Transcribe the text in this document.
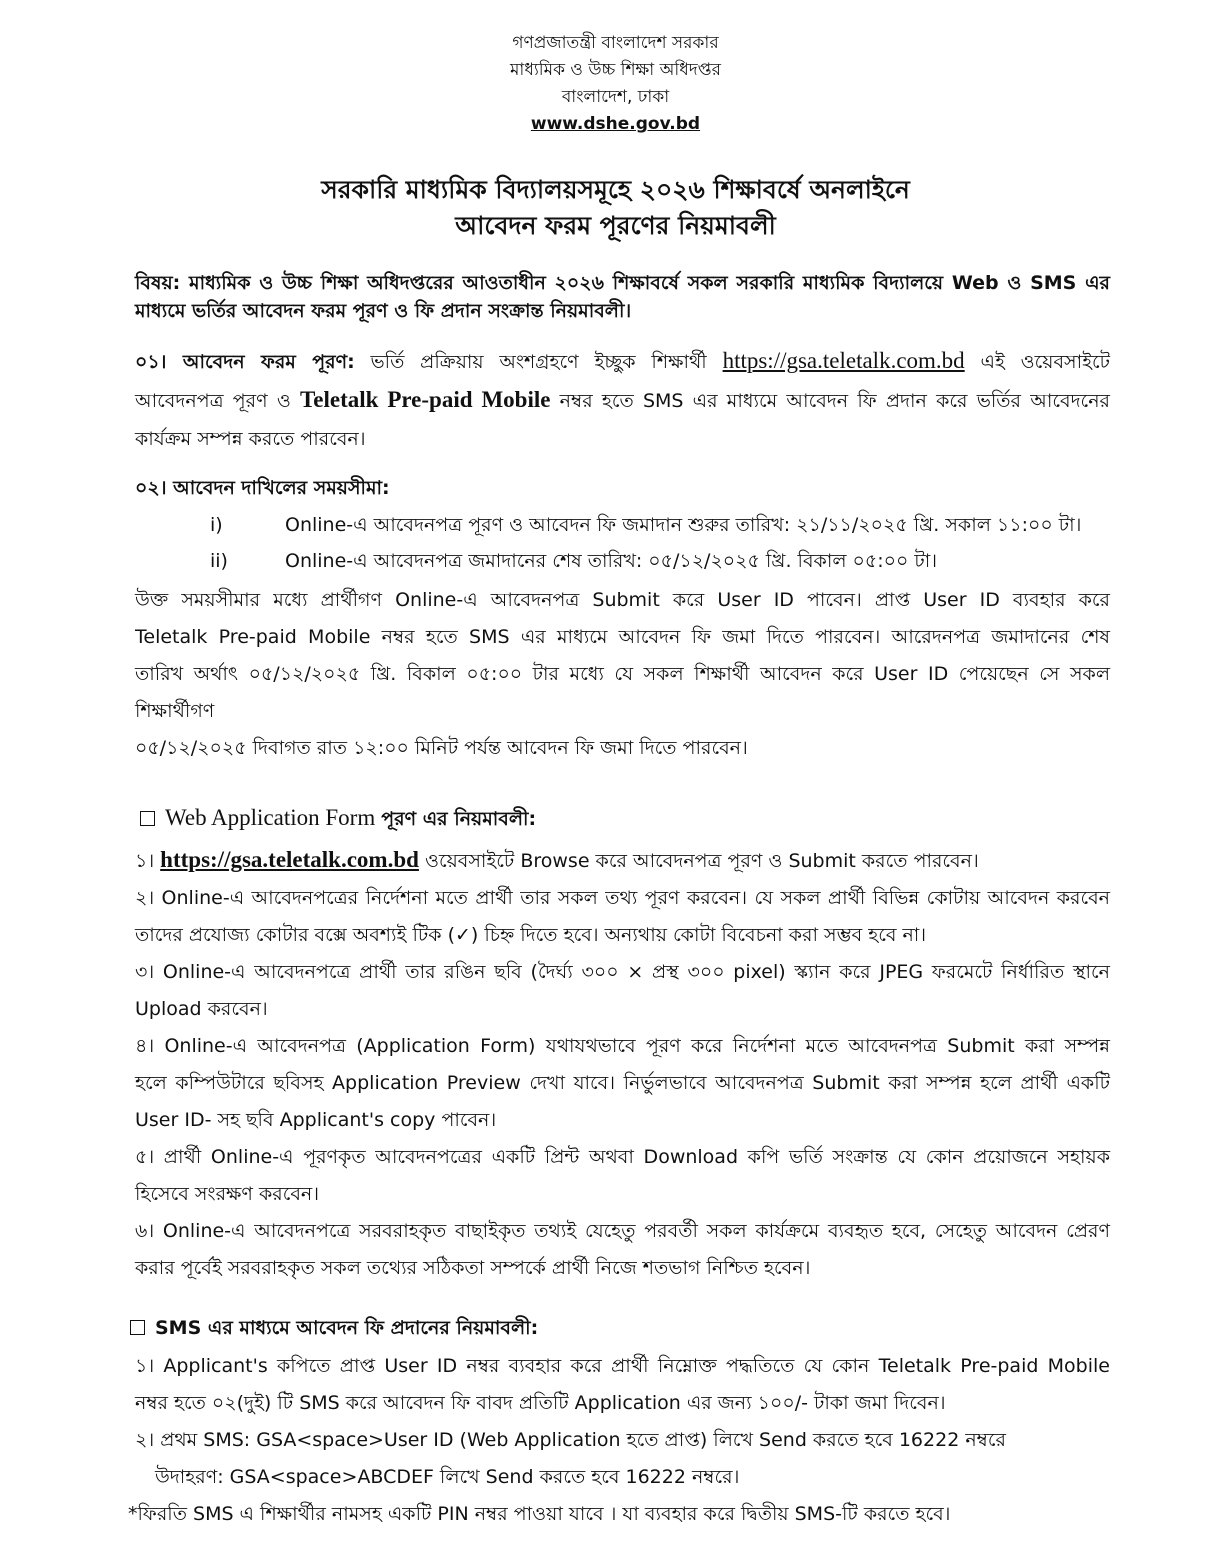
গণপ্রজাতন্ত্রী বাংলাদেশ সরকার
মাধ্যমিক ও উচ্চ শিক্ষা অধিদপ্তর
বাংলাদেশ, ঢাকা
www.dshe.gov.bd
সরকারি মাধ্যমিক বিদ্যালয়সমূহে ২০২৬ শিক্ষাবর্ষে অনলাইনে
আবেদন ফরম পূরণের নিয়মাবলী
বিষয়: মাধ্যমিক ও উচ্চ শিক্ষা অধিদপ্তরের আওতাধীন ২০২৬ শিক্ষাবর্ষে সকল সরকারি মাধ্যমিক বিদ্যালয়ে Web ও SMS এর
মাধ্যমে ভর্তির আবেদন ফরম পূরণ ও ফি প্রদান সংক্রান্ত নিয়মাবলী।
০১। আবেদন ফরম পূরণ: ভর্তি প্রক্রিয়ায় অংশগ্রহণে ইচ্ছুক শিক্ষার্থী https://gsa.teletalk.com.bd এই ওয়েবসাইটে
আবেদনপত্র পূরণ ও Teletalk Pre-paid Mobile নম্বর হতে SMS এর মাধ্যমে আবেদন ফি প্রদান করে ভর্তির আবেদনের
কার্যক্রম সম্পন্ন করতে পারবেন।
০২। আবেদন দাখিলের সময়সীমা:
i)	Online-এ আবেদনপত্র পূরণ ও আবেদন ফি জমাদান শুরুর তারিখ: ২১/১১/২০২৫ খ্রি. সকাল ১১:০০ টা।
ii)	Online-এ আবেদনপত্র জমাদানের শেষ তারিখ: ০৫/১২/২০২৫ খ্রি. বিকাল ০৫:০০ টা।
উক্ত সময়সীমার মধ্যে প্রার্থীগণ Online-এ আবেদনপত্র Submit করে User ID পাবেন। প্রাপ্ত User ID ব্যবহার করে
Teletalk Pre-paid Mobile নম্বর হতে SMS এর মাধ্যমে আবেদন ফি জমা দিতে পারবেন। আরেদনপত্র জমাদানের শেষ
তারিখ অর্থাৎ ০৫/১২/২০২৫ খ্রি. বিকাল ০৫:০০ টার মধ্যে যে সকল শিক্ষার্থী আবেদন করে User ID পেয়েছেন সে সকল শিক্ষার্থীগণ
০৫/১২/২০২৫ দিবাগত রাত ১২:০০ মিনিট পর্যন্ত আবেদন ফি জমা দিতে পারবেন।
Web Application Form পূরণ এর নিয়মাবলী:
১। https://gsa.teletalk.com.bd ওয়েবসাইটে Browse করে আবেদনপত্র পূরণ ও Submit করতে পারবেন।
২। Online-এ আবেদনপত্রের নির্দেশনা মতে প্রার্থী তার সকল তথ্য পূরণ করবেন। যে সকল প্রার্থী বিভিন্ন কোটায় আবেদন করবেন
তাদের প্রযোজ্য কোটার বক্সে অবশ্যই টিক (✓) চিহ্ন দিতে হবে। অন্যথায় কোটা বিবেচনা করা সম্ভব হবে না।
৩। Online-এ আবেদনপত্রে প্রার্থী তার রঙিন ছবি (দৈর্ঘ্য ৩০০ × প্রস্থ ৩০০ pixel) স্ক্যান করে JPEG ফরমেটে নির্ধারিত স্থানে
Upload করবেন।
৪। Online-এ আবেদনপত্র (Application Form) যথাযথভাবে পূরণ করে নির্দেশনা মতে আবেদনপত্র Submit করা সম্পন্ন
হলে কম্পিউটারে ছবিসহ Application Preview দেখা যাবে। নির্ভুলভাবে আবেদনপত্র Submit করা সম্পন্ন হলে প্রার্থী একটি
User ID- সহ ছবি Applicant's copy পাবেন।
৫। প্রার্থী Online-এ পূরণকৃত আবেদনপত্রের একটি প্রিন্ট অথবা Download কপি ভর্তি সংক্রান্ত যে কোন প্রয়োজনে সহায়ক
হিসেবে সংরক্ষণ করবেন।
৬। Online-এ আবেদনপত্রে সরবরাহকৃত বাছাইকৃত তথ্যই যেহেতু পরবর্তী সকল কার্যক্রমে ব্যবহৃত হবে, সেহেতু আবেদন প্রেরণ
করার পূর্বেই সরবরাহকৃত সকল তথ্যের সঠিকতা সম্পর্কে প্রার্থী নিজে শতভাগ নিশ্চিত হবেন।
SMS এর মাধ্যমে আবেদন ফি প্রদানের নিয়মাবলী:
১। Applicant's কপিতে প্রাপ্ত User ID নম্বর ব্যবহার করে প্রার্থী নিম্নোক্ত পদ্ধতিতে যে কোন Teletalk Pre-paid Mobile
নম্বর হতে ০২(দুই) টি SMS করে আবেদন ফি বাবদ প্রতিটি Application এর জন্য ১০০/- টাকা জমা দিবেন।
২। প্রথম SMS: GSA<space>User ID (Web Application হতে প্রাপ্ত) লিখে Send করতে হবে 16222 নম্বরে
উদাহরণ: GSA<space>ABCDEF লিখে Send করতে হবে 16222 নম্বরে।
*ফিরতি SMS এ শিক্ষার্থীর নামসহ একটি PIN নম্বর পাওয়া যাবে । যা ব্যবহার করে দ্বিতীয় SMS-টি করতে হবে।
